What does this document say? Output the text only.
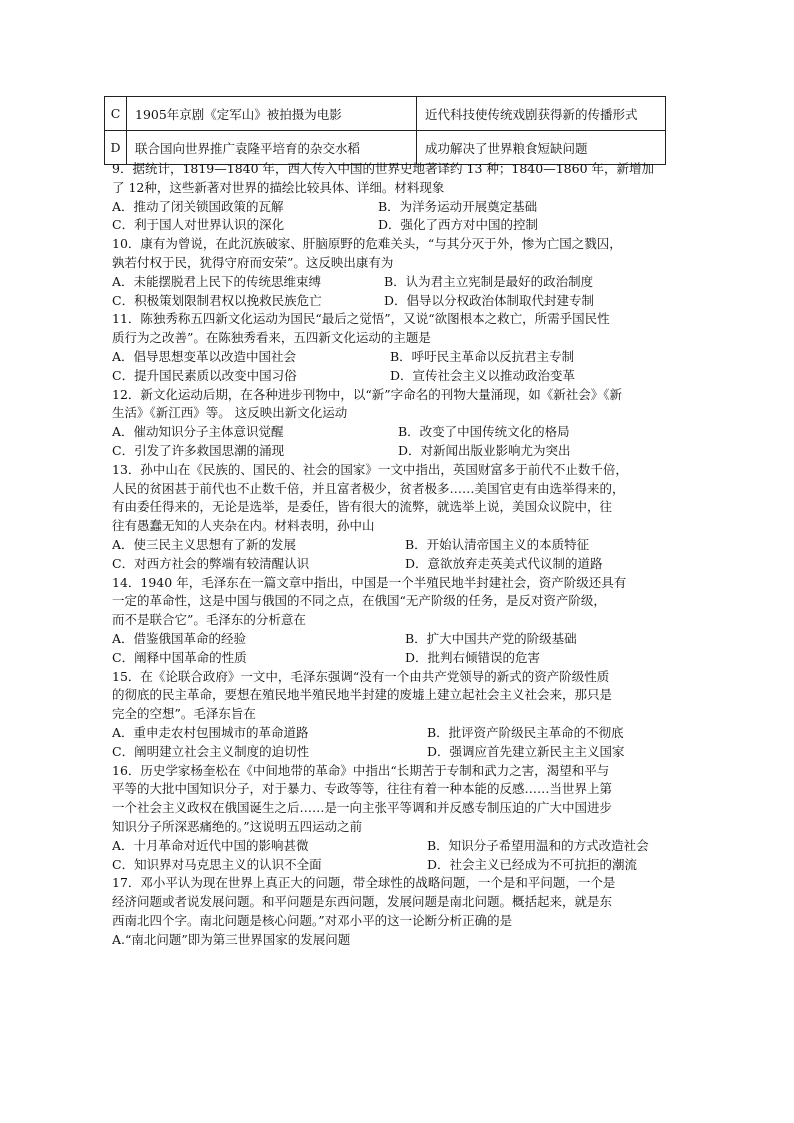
C	1905年京剧《定军山》被拍摄为电影	近代科技使传统戏剧获得新的传播形式
D	联合国向世界推广袁隆平培育的杂交水稻	成功解决了世界粮食短缺问题
9．据统计，1819—1840 年，西人传入中国的世界史地著译约 13 种；1840—1860 年，新增加
了 12种，这些新著对世界的描绘比较具体、详细。材料现象
A．推动了闭关锁国政策的瓦解	B．为洋务运动开展奠定基础
C．利于国人对世界认识的深化	D．强化了西方对中国的控制
10．康有为曾说，在此沉族破家、肝脑原野的危难关头，“与其分灭于外，惨为亡国之戮囚，
孰若付权于民，犹得守府而安荣”。这反映出康有为
A．未能摆脱君上民下的传统思维束缚	B．认为君主立宪制是最好的政治制度
C．积极策划限制君权以挽救民族危亡	D．倡导以分权政治体制取代封建专制
11．陈独秀称五四新文化运动为国民“最后之觉悟”，又说“欲图根本之救亡，所需乎国民性
质行为之改善”。在陈独秀看来，五四新文化运动的主题是
A．倡导思想变革以改造中国社会	B．呼吁民主革命以反抗君主专制
C．提升国民素质以改变中国习俗	D．宣传社会主义以推动政治变革
12．新文化运动后期，在各种进步刊物中，以“新”字命名的刊物大量涌现，如《新社会》《新
生活》《新江西》等。 这反映出新文化运动
A．催动知识分子主体意识觉醒	B．改变了中国传统文化的格局
C．引发了许多救国思潮的涌现	D．对新闻出版业影响尤为突出
13．孙中山在《民族的、国民的、社会的国家》一文中指出，英国财富多于前代不止数千倍，
人民的贫困甚于前代也不止数千倍，并且富者极少，贫者极多……美国官吏有由选举得来的，
有由委任得来的，无论是选举，是委任，皆有很大的流弊，就选举上说，美国众议院中，往
往有愚蠢无知的人夹杂在内。材料表明，孙中山
A．使三民主义思想有了新的发展	B．开始认清帝国主义的本质特征
C．对西方社会的弊端有较清醒认识	D．意欲放弃走英美式代议制的道路
14．1940 年，毛泽东在一篇文章中指出，中国是一个半殖民地半封建社会，资产阶级还具有
一定的革命性，这是中国与俄国的不同之点，在俄国“无产阶级的任务，是反对资产阶级，
而不是联合它”。毛泽东的分析意在
A．借鉴俄国革命的经验	B．扩大中国共产党的阶级基础
C．阐释中国革命的性质	D．批判右倾错误的危害
15．在《论联合政府》一文中，毛泽东强调“没有一个由共产党领导的新式的资产阶级性质
的彻底的民主革命，要想在殖民地半殖民地半封建的废墟上建立起社会主义社会来，那只是
完全的空想”。毛泽东旨在
A．重申走农村包围城市的革命道路	B．批评资产阶级民主革命的不彻底
C．阐明建立社会主义制度的迫切性	D．强调应首先建立新民主主义国家
16．历史学家杨奎松在《中间地带的革命》中指出“长期苦于专制和武力之害，渴望和平与
平等的大批中国知识分子，对于暴力、专政等等，往往有着一种本能的反感……当世界上第
一个社会主义政权在俄国诞生之后……是一向主张平等调和并反感专制压迫的广大中国进步
知识分子所深恶痛绝的。”这说明五四运动之前
A．十月革命对近代中国的影响甚微	B．知识分子希望用温和的方式改造社会
C．知识界对马克思主义的认识不全面	D．社会主义已经成为不可抗拒的潮流
17．邓小平认为现在世界上真正大的问题，带全球性的战略问题，一个是和平问题，一个是
经济问题或者说发展问题。和平问题是东西问题，发展问题是南北问题。概括起来，就是东
西南北四个字。南北问题是核心问题。”对邓小平的这一论断分析正确的是
A.“南北问题”即为第三世界国家的发展问题
